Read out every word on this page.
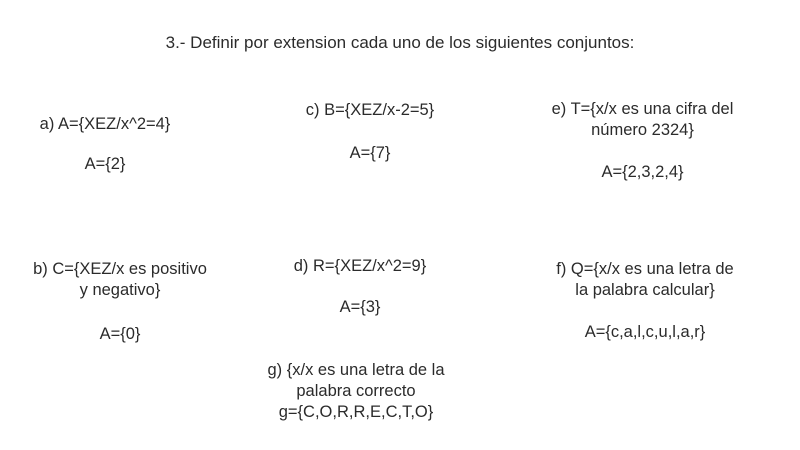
3.- Definir por extension cada uno de los siguientes conjuntos:
a) A={XEZ/x^2=4}
A={2}
c) B={XEZ/x-2=5}
A={7}
e) T={x/x es una cifra del
número 2324}
A={2,3,2,4}
b) C={XEZ/x es positivo
y negativo}
A={0}
d) R={XEZ/x^2=9}
A={3}
f) Q={x/x es una letra de
la palabra calcular}
A={c,a,l,c,u,l,a,r}
g) {x/x es una letra de la
palabra correcto
g={C,O,R,R,E,C,T,O}
